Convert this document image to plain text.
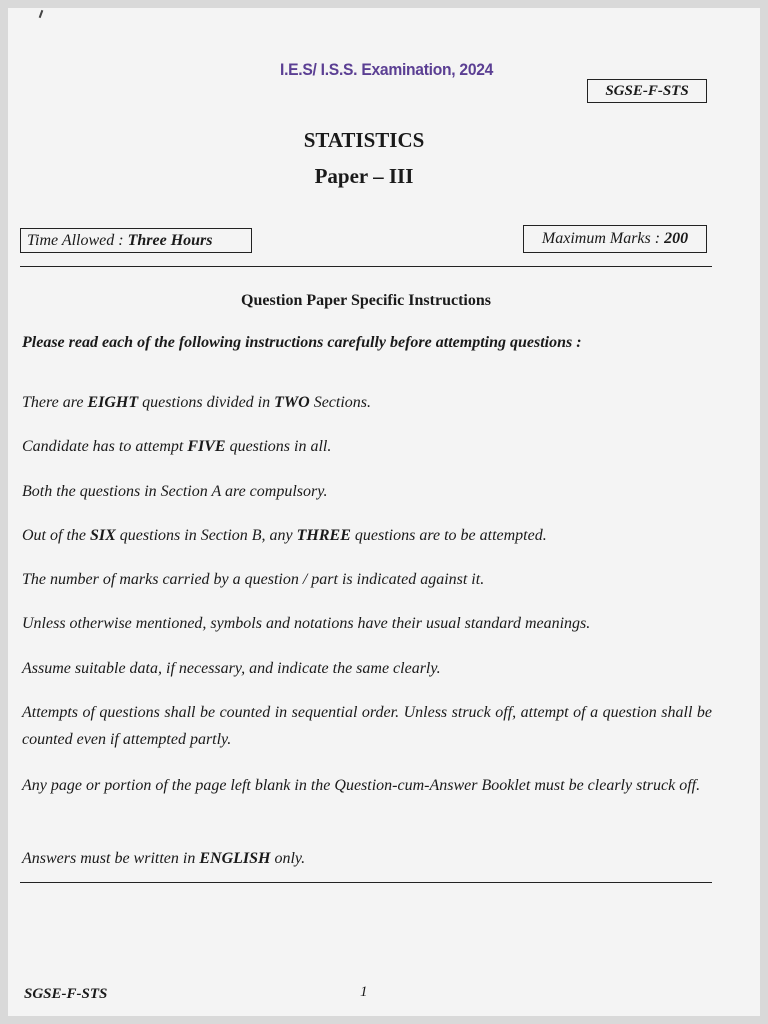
I.E.S/ I.S.S. Examination, 2024
SGSE-F-STS
STATISTICS
Paper – III
Time Allowed :
Three Hours	Maximum Marks :
200
Question Paper Specific Instructions
Please read each of the following instructions carefully before attempting questions :
There are EIGHT questions divided in TWO Sections.
Candidate has to attempt FIVE questions in all.
Both the questions in Section A are compulsory.
Out of the SIX questions in Section B, any THREE questions are to be attempted.
The number of marks carried by a question / part is indicated against it.
Unless otherwise mentioned, symbols and notations have their usual standard meanings.
Assume suitable data, if necessary, and indicate the same clearly.
Attempts of questions shall be counted in sequential order. Unless struck off, attempt of a question shall be counted even if attempted partly.
Any page or portion of the page left blank in the Question-cum-Answer Booklet must be clearly struck off.
Answers must be written in ENGLISH only.
SGSE-F-STS	1
